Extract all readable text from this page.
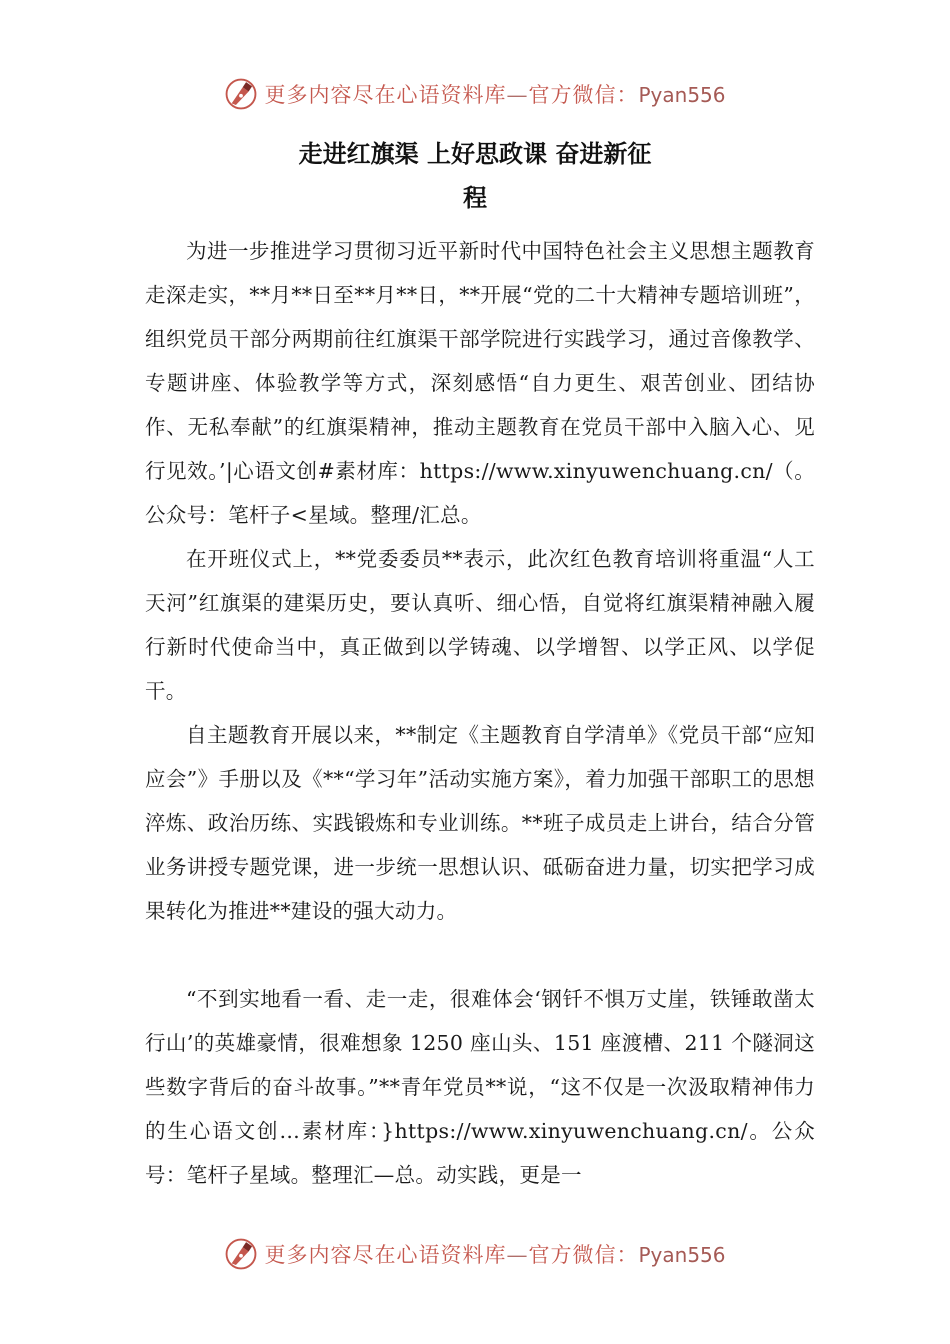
更多内容尽在心语资料库—官方微信：Pyan556
走进红旗渠 上好思政课 奋进新征
程

为进一步推进学习贯彻习近平新时代中国特色社会主义思想主题教育走深走实，**月**日至**月**日，**开展“党的二十大精神专题培训班”，组织党员干部分两期前往红旗渠干部学院进行实践学习，通过音像教学、专题讲座、体验教学等方式，深刻感悟“自力更生、艰苦创业、团结协作、无私奉献”的红旗渠精神，推动主题教育在党员干部中入脑入心、见行见效。’|心语文创#素材库：https://www.xinyuwenchuang.cn/（。公众号：笔杆子<星域。整理/汇总。

在开班仪式上，**党委委员**表示，此次红色教育培训将重温“人工天河”红旗渠的建渠历史，要认真听、细心悟，自觉将红旗渠精神融入履行新时代使命当中，真正做到以学铸魂、以学增智、以学正风、以学促干。

自主题教育开展以来，**制定《主题教育自学清单》《党员干部“应知应会”》手册以及《**“学习年”活动实施方案》，着力加强干部职工的思想淬炼、政治历练、实践锻炼和专业训练。**班子成员走上讲台，结合分管业务讲授专题党课，进一步统一思想认识、砥砺奋进力量，切实把学习成果转化为推进**建设的强大动力。

“不到实地看一看、走一走，很难体会‘钢钎不惧万丈崖，铁锤敢凿太行山’的英雄豪情，很难想象 1250 座山头、151 座渡槽、211 个隧洞这些数字背后的奋斗故事。”**青年党员**说，“这不仅是一次汲取精神伟力的生心语文创…素材库：}https://www.xinyuwenchuang.cn/。公众号：笔杆子星域。整理汇—总。动实践，更是一

更多内容尽在心语资料库—官方微信：Pyan556
